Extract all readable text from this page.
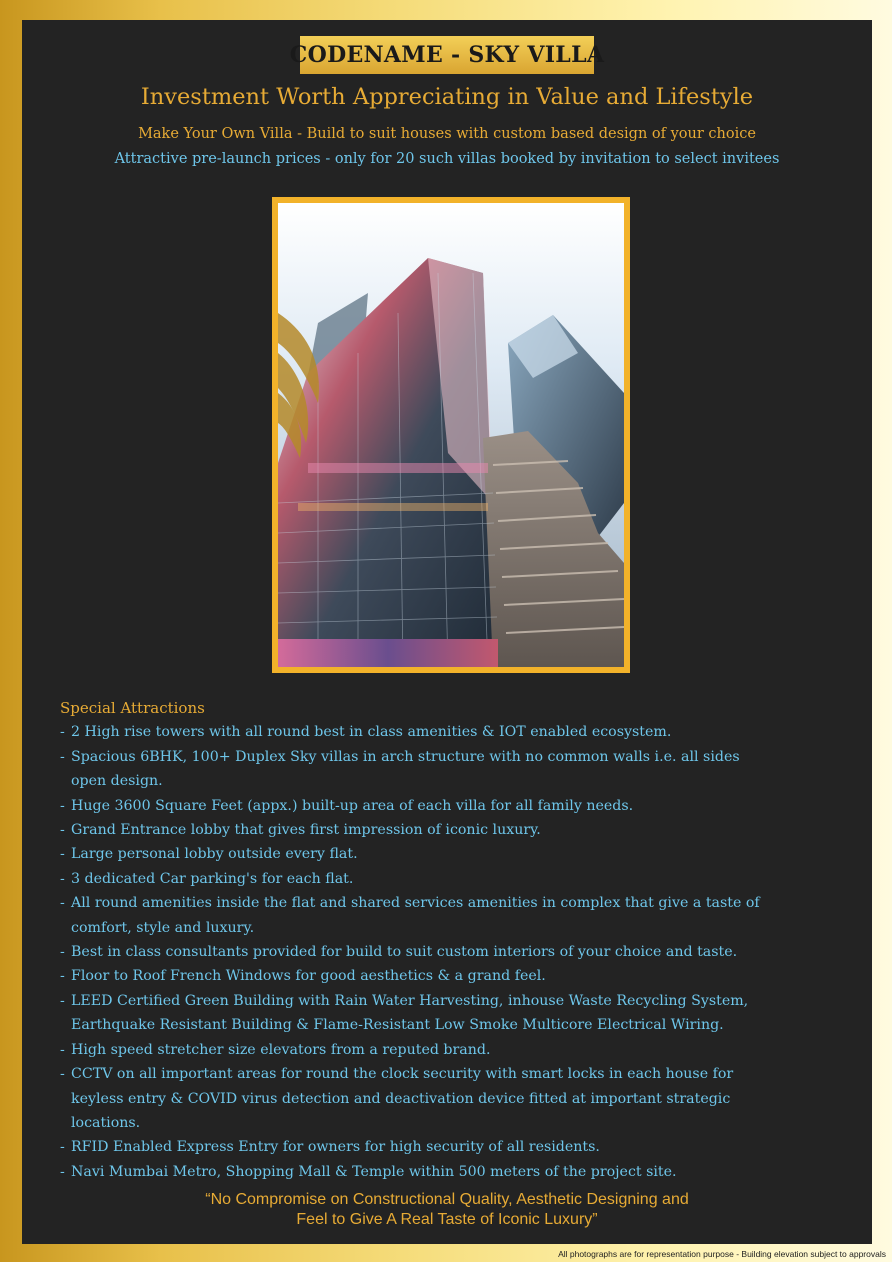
CODENAME - SKY VILLA
Investment Worth Appreciating in Value and Lifestyle
Make Your Own Villa - Build to suit houses with custom based design of your choice
Attractive pre-launch prices - only for 20 such villas booked by invitation to select invitees
Special Attractions
- 2 High rise towers with all round best in class amenities & IOT enabled ecosystem.
- Spacious 6BHK, 100+ Duplex Sky villas in arch structure with no common walls i.e. all sides
open design.
- Huge 3600 Square Feet (appx.) built-up area of each villa for all family needs.
- Grand Entrance lobby that gives first impression of iconic luxury.
- Large personal lobby outside every flat.
- 3 dedicated Car parking's for each flat.
- All round amenities inside the flat and shared services amenities in complex that give a taste of
comfort, style and luxury.
- Best in class consultants provided for build to suit custom interiors of your choice and taste.
- Floor to Roof French Windows for good aesthetics & a grand feel.
- LEED Certified Green Building with Rain Water Harvesting, inhouse Waste Recycling System,
Earthquake Resistant Building & Flame-Resistant Low Smoke Multicore Electrical Wiring.
- High speed stretcher size elevators from a reputed brand.
- CCTV on all important areas for round the clock security with smart locks in each house for
keyless entry & COVID virus detection and deactivation device fitted at important strategic
locations.
- RFID Enabled Express Entry for owners for high security of all residents.
- Navi Mumbai Metro, Shopping Mall & Temple within 500 meters of the project site.
“No Compromise on Constructional Quality, Aesthetic Designing and
Feel to Give A Real Taste of Iconic Luxury”
All photographs are for representation purpose - Building elevation subject to approvals
